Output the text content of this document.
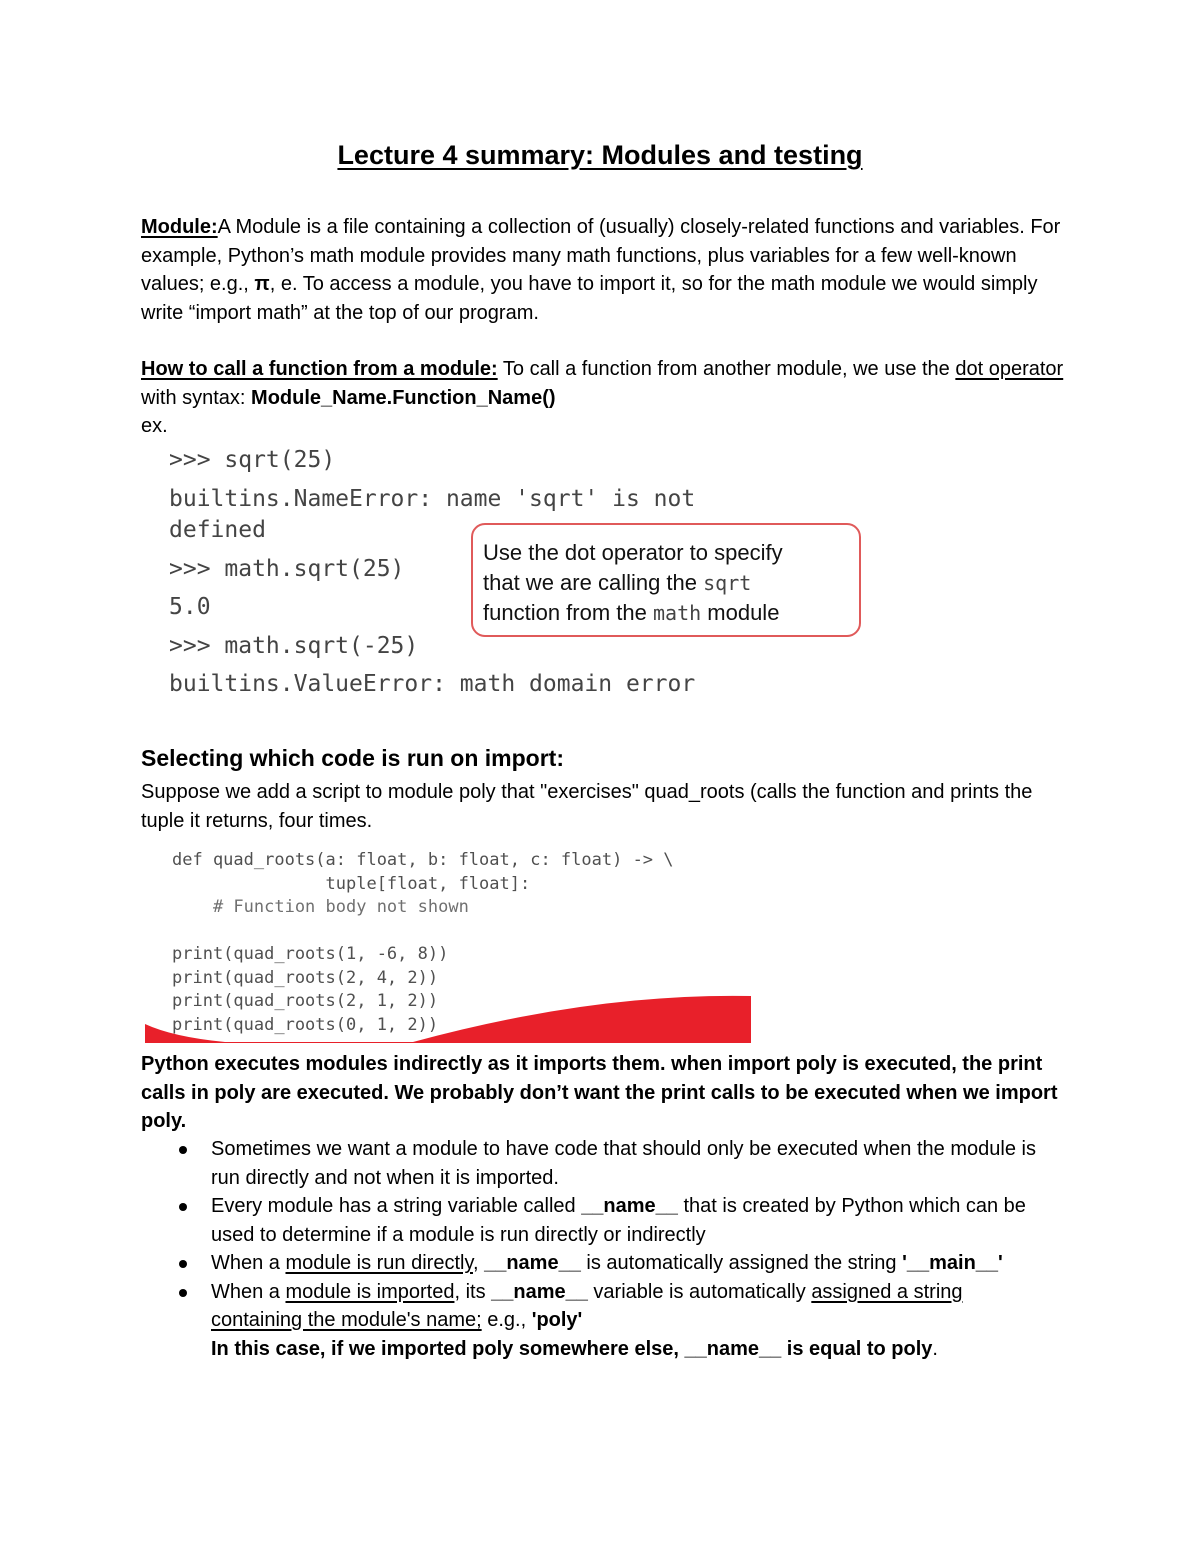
Lecture 4 summary: Modules and testing
Module:A Module is a file containing a collection of (usually) closely-related functions and variables. For example, Python’s math module provides many math functions, plus variables for a few well-known values; e.g., π, e. To access a module, you have to import it, so for the math module we would simply write “import math” at the top of our program.
How to call a function from a module: To call a function from another module, we use the dot operator with syntax: Module_Name.Function_Name()
ex.

>>> sqrt(25)

builtins.NameError: name 'sqrt' is not

defined

>>> math.sqrt(25)

5.0

>>> math.sqrt(-25)

builtins.ValueError: math domain error

Use the dot operator to specify
that we are calling the sqrt
function from the math module
Selecting which code is run on import:
Suppose we add a script to module poly that "exercises" quad_roots (calls the function and prints the tuple it returns, four times.

def quad_roots(a: float, b: float, c: float) -> \

tuple[float, float]:

# Function body not shown

print(quad_roots(1, -6, 8))

print(quad_roots(2, 4, 2))

print(quad_roots(2, 1, 2))

print(quad_roots(0, 1, 2))

Python executes modules indirectly as it imports them. when import poly is executed, the print calls in poly are executed. We probably don’t want the print calls to be executed when we import poly.
Sometimes we want a module to have code that should only be executed when the module is run directly and not when it is imported.
Every module has a string variable called __name__ that is created by Python which can be used to determine if a module is run directly or indirectly
When a module is run directly, __name__ is automatically assigned the string '__main__'
When a module is imported, its __name__ variable is automatically assigned a string containing the module's name; e.g., 'poly'
In this case, if we imported poly somewhere else, __name__ is equal to poly.
